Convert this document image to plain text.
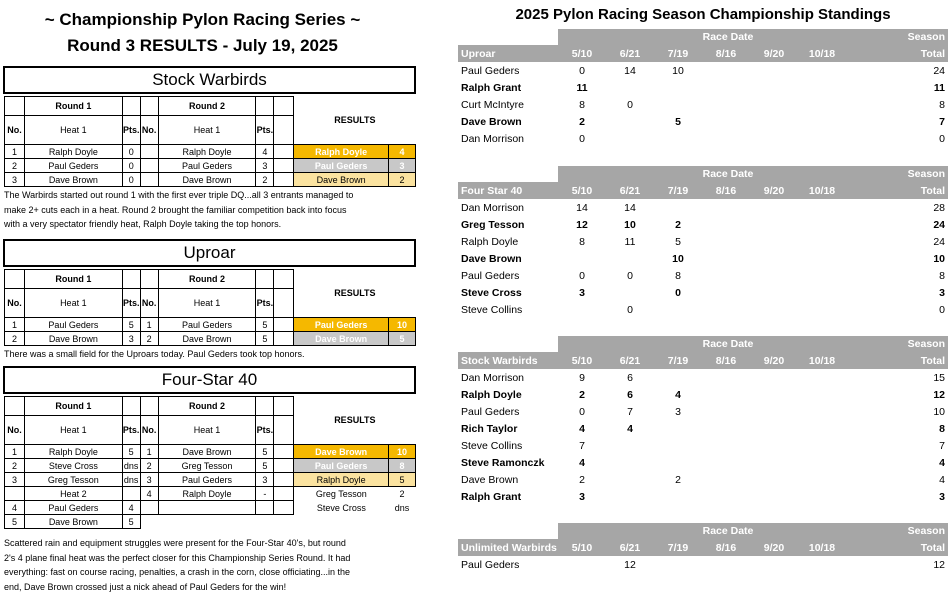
~ Championship Pylon Racing Series ~
Round 3 RESULTS - July 19, 2025
Stock Warbirds
	Round 1			Round 2			RESULTS	
No.	Heat 1	Pts.	No.	Heat 1	Pts.			
1	Ralph Doyle	0		Ralph Doyle	4		Ralph Doyle	4
2	Paul Geders	0		Paul Geders	3		Paul Geders	3
3	Dave Brown	0		Dave Brown	2		Dave Brown	2
The Warbirds started out round 1 with the first ever triple DQ...all 3 entrants managed to
make 2+ cuts each in a heat. Round 2 brought the familiar competition back into focus
with a very spectator friendly heat, Ralph Doyle taking the top honors.
Uproar
	Round 1			Round 2			RESULTS	
No.	Heat 1	Pts.	No.	Heat 1	Pts.			
1	Paul Geders	5	1	Paul Geders	5		Paul Geders	10
2	Dave Brown	3	2	Dave Brown	5		Dave Brown	5
There was a small field for the Uproars today. Paul Geders took top honors.
Four-Star 40
	Round 1			Round 2			RESULTS	
No.	Heat 1	Pts.	No.	Heat 1	Pts.			
1	Ralph Doyle	5	1	Dave Brown	5		Dave Brown	10
2	Steve Cross	dns	2	Greg Tesson	5		Paul Geders	8
3	Greg Tesson	dns	3	Paul Geders	3		Ralph Doyle	5
	Heat 2		4	Ralph Doyle	-		Greg Tesson	2
4	Paul Geders	4					Steve Cross	dns
5	Dave Brown	5						
Scattered rain and equipment struggles were present for the Four-Star 40's, but round
2's 4 plane final heat was the perfect closer for this Championship Series Round. It had
everything: fast on course racing, penalties, a crash in the corn, close officiating...in the
end, Dave Brown crossed just a nick ahead of Paul Geders for the win!
2025 Pylon Racing Season Championship Standings
	Race Date							Season
Uproar	5/10	6/21	7/19	8/16	9/20	10/18		Total
Paul Geders	0	14	10					24
Ralph Grant	11							11
Curt McIntyre	8	0						8
Dave Brown	2		5					7
Dan Morrison	0							0
	Race Date							Season
Four Star 40	5/10	6/21	7/19	8/16	9/20	10/18		Total
Dan Morrison	14	14						28
Greg Tesson	12	10	2					24
Ralph Doyle	8	11	5					24
Dave Brown			10					10
Paul Geders	0	0	8					8
Steve Cross	3		0					3
Steve Collins		0						0
	Race Date							Season
Stock Warbirds	5/10	6/21	7/19	8/16	9/20	10/18		Total
Dan Morrison	9	6						15
Ralph Doyle	2	6	4					12
Paul Geders	0	7	3					10
Rich Taylor	4	4						8
Steve Collins	7							7
Steve Ramonczk	4							4
Dave Brown	2		2					4
Ralph Grant	3							3
	Race Date							Season
Unlimited Warbirds	5/10	6/21	7/19	8/16	9/20	10/18		Total
Paul Geders		12						12
